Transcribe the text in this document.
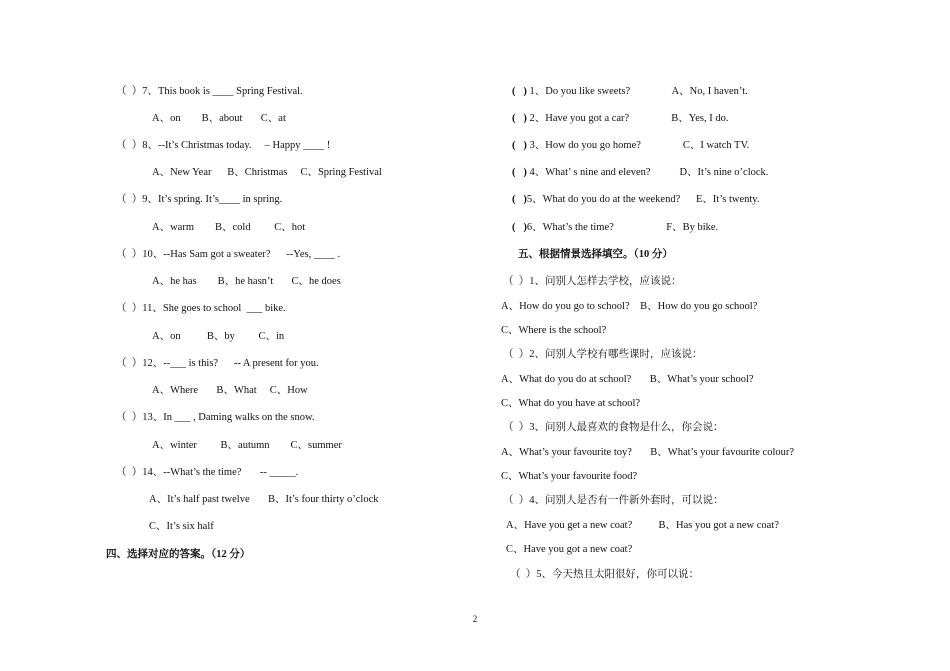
（  ）7、This book is ____ Spring Festival.
A、on        B、about       C、at
（  ）8、--It’s Christmas today.     – Happy ____ !
A、New Year      B、Christmas     C、Spring Festival
（  ）9、It’s spring. It’s____ in spring.
A、warm        B、cold         C、hot
（  ）10、--Has Sam got a sweater?      --Yes, ____ .
A、he has        B、he hasn’t       C、he does
（  ）11、She goes to school  ___ bike.
A、on          B、by         C、in
（  ）12、--___ is this?      -- A present for you.
A、Where       B、What     C、How
（  ）13、In ___ , Daming walks on the snow.
A、winter         B、autumn        C、summer
（  ）14、--What’s the time?       -- _____.
A、It’s half past twelve       B、It’s four thirty o’clock
C、It’s six half
四、选择对应的答案。（12 分）
(   ) 1、Do you like sweets?                A、No, I haven’t.
(   ) 2、Have you got a car?                B、Yes, I do.
(   ) 3、How do you go home?                C、I watch TV.
(   ) 4、What’ s nine and eleven?           D、It’s nine o’clock.
(   )5、What do you do at the weekend?      E、It’s twenty.
(   )6、What’s the time?                    F、By bike.
五、根据情景选择填空。（10 分）
（  ）1、问别人怎样去学校，应该说：
A、How do you go to school?    B、How do you go school?
C、Where is the school?
（  ）2、问别人学校有哪些课时，应该说：
A、What do you do at school?       B、What’s your school?
C、What do you have at school?
（  ）3、问别人最喜欢的食物是什么，你会说：
A、What’s your favourite toy?       B、What’s your favourite colour?
C、What’s your favourite food?
（  ）4、问别人是否有一件新外套时，可以说：
A、Have you get a new coat?          B、Has you got a new coat?
C、Have you got a new coat?
（  ）5、今天热且太阳很好，你可以说：
2
